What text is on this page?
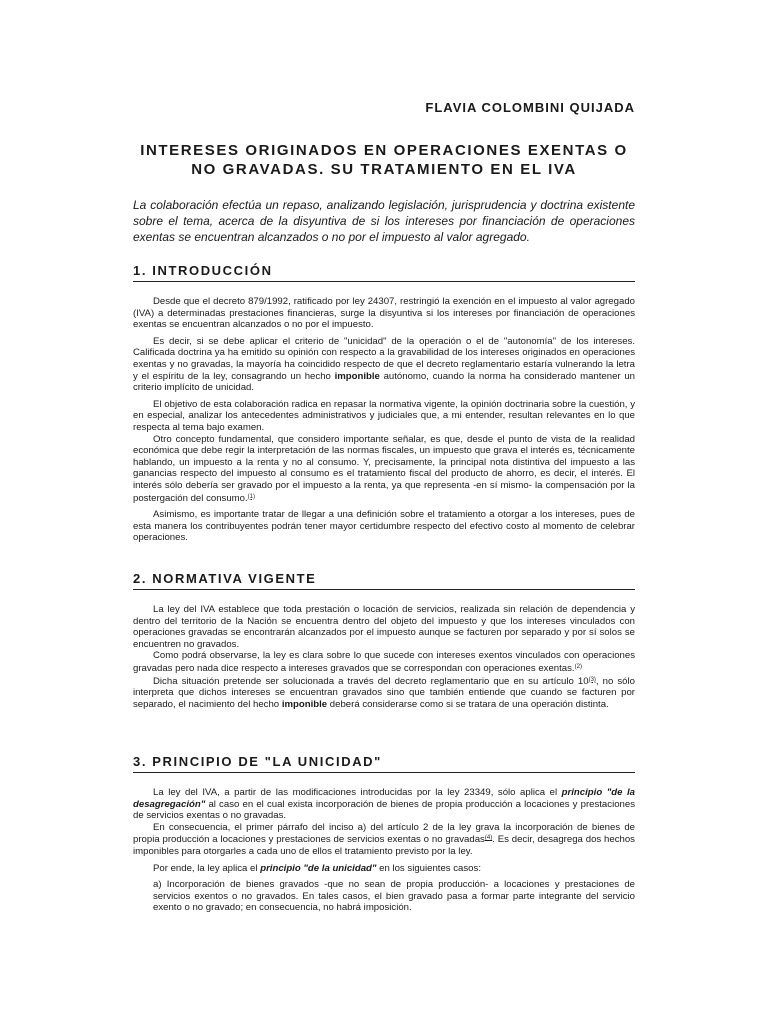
FLAVIA COLOMBINI QUIJADA
INTERESES ORIGINADOS EN OPERACIONES EXENTAS O NO GRAVADAS. SU TRATAMIENTO EN EL IVA
La colaboración efectúa un repaso, analizando legislación, jurisprudencia y doctrina existente sobre el tema, acerca de la disyuntiva de si los intereses por financiación de operaciones exentas se encuentran alcanzados o no por el impuesto al valor agregado.
1. INTRODUCCIÓN

Desde que el decreto 879/1992, ratificado por ley 24307, restringió la exención en el impuesto al valor agregado (IVA) a determinadas prestaciones financieras, surge la disyuntiva si los intereses por financiación de operaciones exentas se encuentran alcanzados o no por el impuesto.

Es decir, si se debe aplicar el criterio de "unicidad" de la operación o el de "autonomía" de los intereses. Calificada doctrina ya ha emitido su opinión con respecto a la gravabilidad de los intereses originados en operaciones exentas y no gravadas, la mayoría ha coincidido respecto de que el decreto reglamentario estaría vulnerando la letra y el espíritu de la ley, consagrando un hecho imponible autónomo, cuando la norma ha considerado mantener un criterio implícito de unicidad.

El objetivo de esta colaboración radica en repasar la normativa vigente, la opinión doctrinaria sobre la cuestión, y en especial, analizar los antecedentes administrativos y judiciales que, a mi entender, resultan relevantes en lo que respecta al tema bajo examen.

Otro concepto fundamental, que considero importante señalar, es que, desde el punto de vista de la realidad económica que debe regir la interpretación de las normas fiscales, un impuesto que grava el interés es, técnicamente hablando, un impuesto a la renta y no al consumo. Y, precisamente, la principal nota distintiva del impuesto a las ganancias respecto del impuesto al consumo es el tratamiento fiscal del producto de ahorro, es decir, el interés. El interés sólo debería ser gravado por el impuesto a la renta, ya que representa -en sí mismo- la compensación por la postergación del consumo.$^{(1)}$

Asimismo, es importante tratar de llegar a una definición sobre el tratamiento a otorgar a los intereses, pues de esta manera los contribuyentes podrán tener mayor certidumbre respecto del efectivo costo al momento de celebrar operaciones.

2. NORMATIVA VIGENTE

La ley del IVA establece que toda prestación o locación de servicios, realizada sin relación de dependencia y dentro del territorio de la Nación se encuentra dentro del objeto del impuesto y que los intereses vinculados con operaciones gravadas se encontrarán alcanzados por el impuesto aunque se facturen por separado y por sí solos se encuentren no gravados.

Como podrá observarse, la ley es clara sobre lo que sucede con intereses exentos vinculados con operaciones gravadas pero nada dice respecto a intereses gravados que se correspondan con operaciones exentas.$^{(2)}$

Dicha situación pretende ser solucionada a través del decreto reglamentario que en su artículo 10$^{(3)}$, no sólo interpreta que dichos intereses se encuentran gravados sino que también entiende que cuando se facturen por separado, el nacimiento del hecho imponible deberá considerarse como si se tratara de una operación distinta.

3. PRINCIPIO DE "LA UNICIDAD"

La ley del IVA, a partir de las modificaciones introducidas por la ley 23349, sólo aplica el principio "de la desagregación" al caso en el cual exista incorporación de bienes de propia producción a locaciones y prestaciones de servicios exentas o no gravadas.

En consecuencia, el primer párrafo del inciso a) del artículo 2 de la ley grava la incorporación de bienes de propia producción a locaciones y prestaciones de servicios exentas o no gravadas$^{(4)}$. Es decir, desagrega dos hechos imponibles para otorgarles a cada uno de ellos el tratamiento previsto por la ley.

Por ende, la ley aplica el principio "de la unicidad" en los siguientes casos:

a) Incorporación de bienes gravados -que no sean de propia producción- a locaciones y prestaciones de servicios exentos o no gravados. En tales casos, el bien gravado pasa a formar parte integrante del servicio exento o no gravado; en consecuencia, no habrá imposición.
